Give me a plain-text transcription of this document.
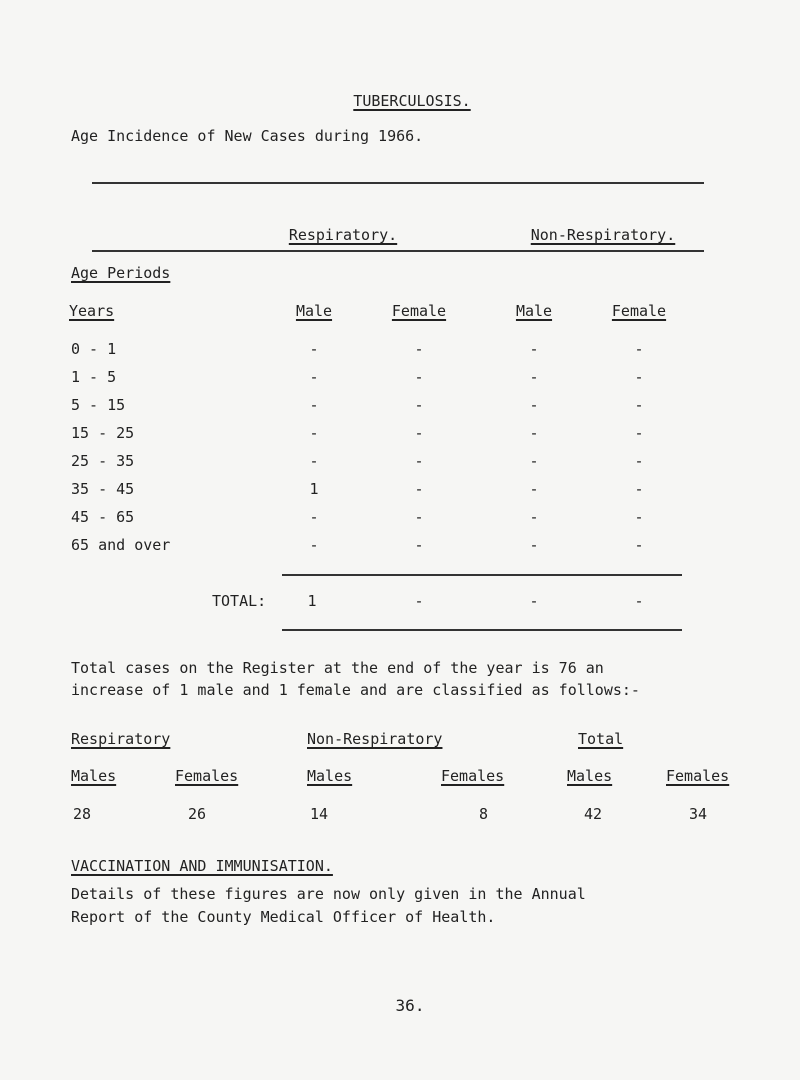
TUBERCULOSIS.
Age Incidence of New Cases during 1966.
Respiratory.	Non-Respiratory.
Age Periods
Years	Male	Female	Male	Female
0 - 1	-	-	-	-
1 - 5	-	-	-	-
5 - 15	-	-	-	-
15 - 25	-	-	-	-
25 - 35	-	-	-	-
35 - 45	1	-	-	-
45 - 65	-	-	-	-
65 and over	-	-	-	-
TOTAL:	1	-	-	-
Total cases on the Register at the end of the year is 76 an
increase of 1 male and 1 female and are classified as follows:-
Respiratory	Non-Respiratory	Total
Males	Females	Males	Females	Males	Females
28	26	14	8	42	34
VACCINATION AND IMMUNISATION.
Details of these figures are now only given in the Annual
Report of the County Medical Officer of Health.
36.
